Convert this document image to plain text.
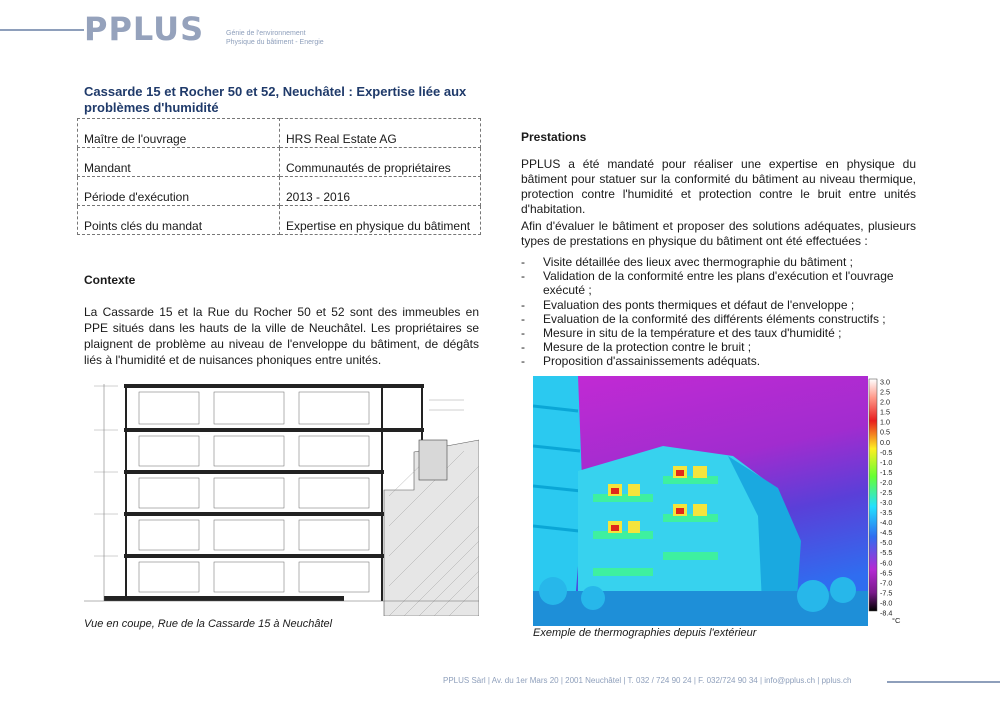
PPLUS	Génie de l'environnement
Physique du bâtiment - Energie
Cassarde 15 et Rocher 50 et 52, Neuchâtel : Expertise liée aux problèmes d'humidité
Maître de l'ouvrage	HRS Real Estate AG
Mandant	Communautés de propriétaires
Période d'exécution	2013 - 2016
Points clés du mandat	Expertise en physique du bâtiment
Contexte
La Cassarde 15 et la Rue du Rocher 50 et 52 sont des immeubles en PPE situés dans les hauts de la ville de Neuchâtel. Les propriétaires se plaignent de problème au niveau de l'enveloppe du bâtiment, de dégâts liés à l'humidité et de nuisances phoniques entre unités.
Vue en coupe, Rue de la Cassarde 15 à Neuchâtel
Prestations
PPLUS a été mandaté pour réaliser une expertise en physique du bâtiment pour statuer sur la conformité du bâtiment au niveau thermique, protection contre l'humidité et protection contre le bruit entre unités d'habitation.
Afin d'évaluer le bâtiment et proposer des solutions adéquates, plusieurs types de prestations en physique du bâtiment ont été effectuées :
- Visite détaillée des lieux avec thermographie du bâtiment ;
- Validation de la conformité entre les plans d'exécution et l'ouvrage exécuté ;
- Evaluation des ponts thermiques et défaut de l'enveloppe ;
- Evaluation de la conformité des différents éléments constructifs ;
- Mesure in situ de la température et des taux d'humidité ;
- Mesure de la protection contre le bruit ;
- Proposition d'assainissements adéquats.
3.0
2.5
2.0
1.5
1.0
0.5
0.0
-0.5
-1.0
-1.5
-2.0
-2.5
-3.0
-3.5
-4.0
-4.5
-5.0
-5.5
-6.0
-6.5
-7.0
-7.5
-8.0
-8.4
°C
Exemple de thermographies depuis l'extérieur
PPLUS Sàrl | Av. du 1er Mars 20 | 2001 Neuchâtel | T. 032 / 724 90 24 | F. 032/724 90 34 | info@pplus.ch | pplus.ch
